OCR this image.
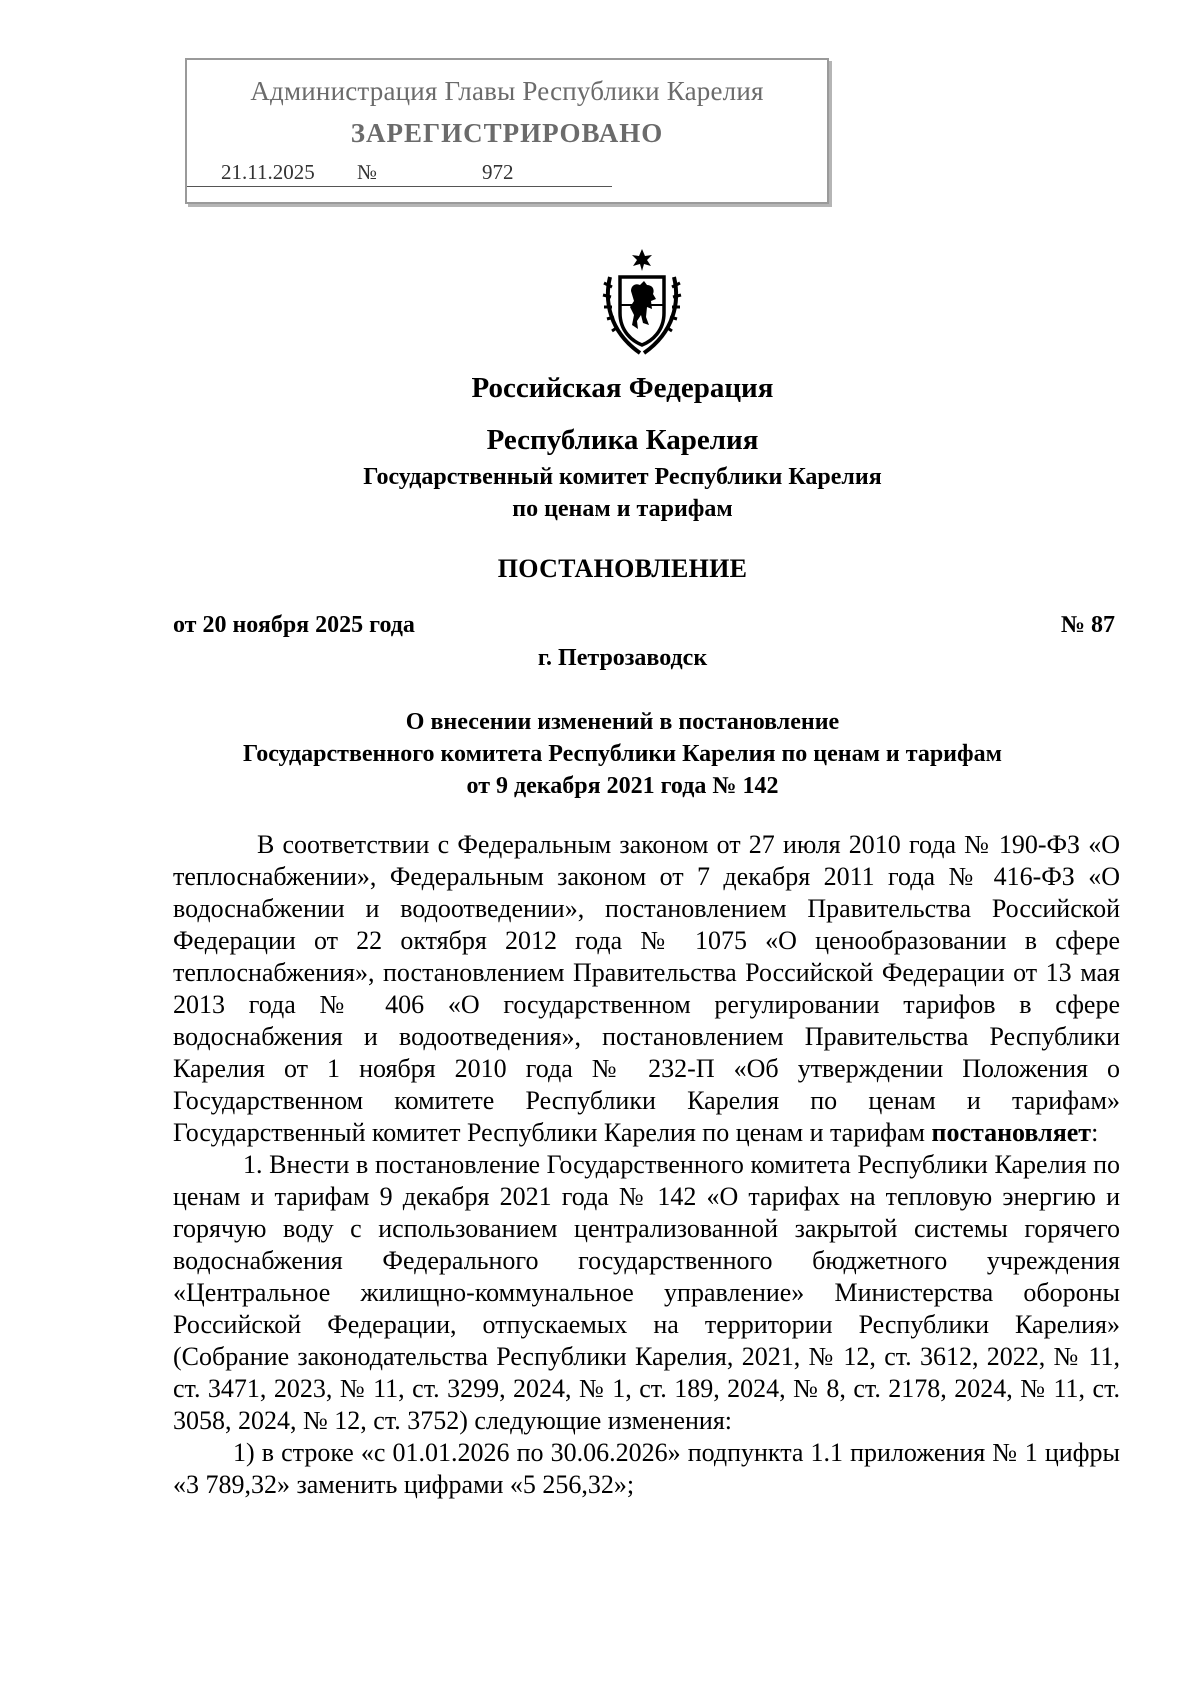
Администрация Главы Республики Карелия
ЗАРЕГИСТРИРОВАНО
21.11.2025 №	972
Российская Федерация
Республика Карелия
Государственный комитет Республики Карелия
по ценам и тарифам
ПОСТАНОВЛЕНИЕ
от 20 ноября 2025 года	№ 87
г. Петрозаводск
О внесении изменений в постановление
Государственного комитета Республики Карелия по ценам и тарифам
от 9 декабря 2021 года № 142

В соответствии с Федеральным законом от 27 июля 2010 года № 190-ФЗ «О теплоснабжении», Федеральным законом от 7 декабря 2011 года № 416-ФЗ «О водоснабжении и водоотведении», постановлением Правительства Российской Федерации от 22 октября 2012 года № 1075 «О ценообразовании в сфере теплоснабжения», постановлением Правительства Российской Федерации от 13 мая 2013 года № 406 «О государственном регулировании тарифов в сфере водоснабжения и водоотведения», постановлением Правительства Республики Карелия от 1 ноября 2010 года № 232-П «Об утверждении Положения о Государственном комитете Республики Карелия по ценам и тарифам» Государственный комитет Республики Карелия по ценам и тарифам постановляет:

1. Внести в постановление Государственного комитета Республики Карелия по ценам и тарифам 9 декабря 2021 года № 142 «О тарифах на тепловую энергию и горячую воду с использованием централизованной закрытой системы горячего водоснабжения Федерального государственного бюджетного учреждения «Центральное жилищно-коммунальное управление» Министерства обороны Российской Федерации, отпускаемых на территории Республики Карелия» (Собрание законодательства Республики Карелия, 2021, № 12, ст. 3612, 2022, № 11, ст. 3471, 2023, № 11, ст. 3299, 2024, № 1, ст. 189, 2024, № 8, ст. 2178, 2024, № 11, ст. 3058, 2024, № 12, ст. 3752) следующие изменения:

1) в строке «с 01.01.2026 по 30.06.2026» подпункта 1.1 приложения № 1 цифры «3 789,32» заменить цифрами «5 256,32»;
